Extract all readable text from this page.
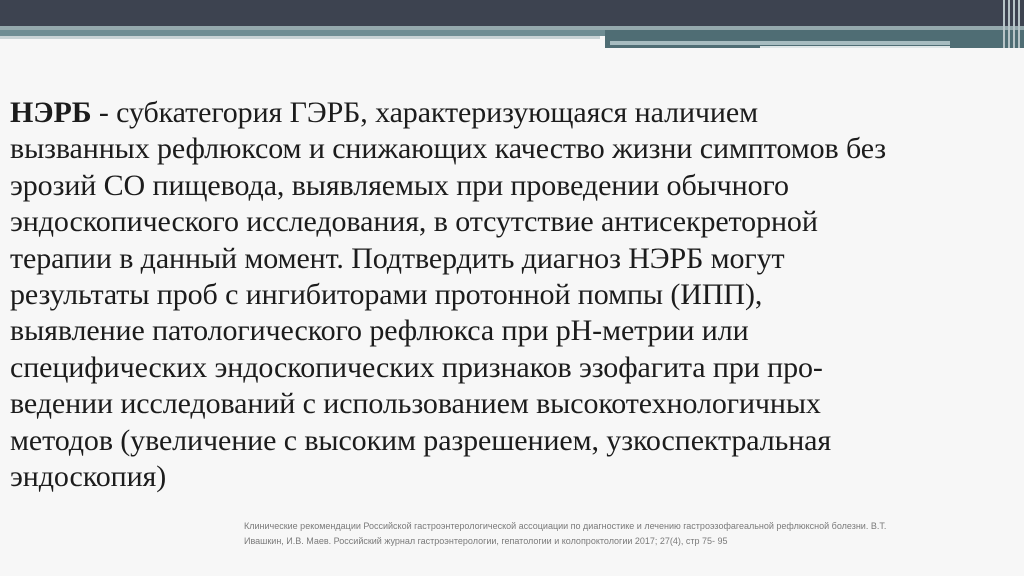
НЭРБ - субкатегория ГЭРБ, характеризующаяся наличием
вызванных рефлюксом и снижающих качество жизни симптомов без
эрозий СО пищевода, выявляемых при проведении обычного
эндоскопического исследования, в отсутствие антисекреторной
терапии в данный момент. Подтвердить диагноз НЭРБ могут
результаты проб с ингибиторами протонной помпы (ИПП),
выявление патологического рефлюкса при pH-метрии или
специфических эндоскопических признаков эзофагита при про-
ведении исследований с использованием высокотехнологичных
методов (увеличение с высоким разрешением, узкоспектральная
эндоскопия)

Клинические рекомендации Российской гастроэнтерологической ассоциации по диагностике и лечению гастроэзофагеальной рефлюксной болезни. В.Т.
Ивашкин, И.В. Маев. Российский журнал гастроэнтерологии, гепатологии и колопроктологии 2017; 27(4), стр 75- 95
